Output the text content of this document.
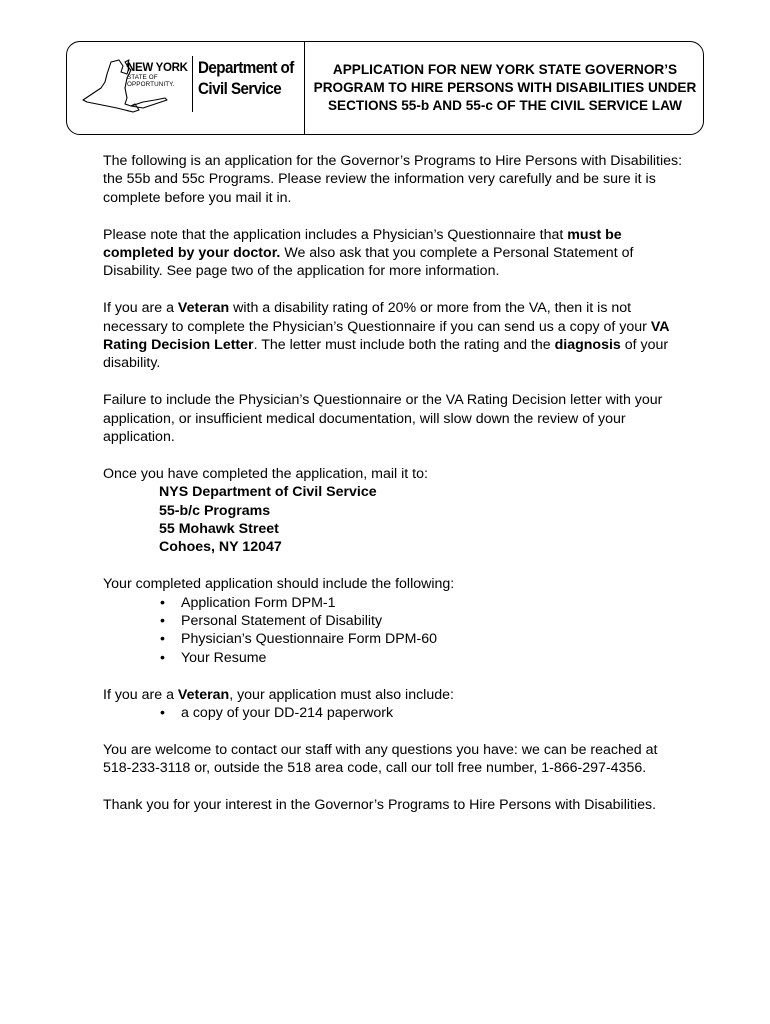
NEW YORK
STATE OF
OPPORTUNITY.
Department of
Civil Service
APPLICATION FOR NEW YORK STATE GOVERNOR’S PROGRAM TO HIRE PERSONS WITH DISABILITIES UNDER SECTIONS 55-b AND 55-c OF THE CIVIL SERVICE LAW

The following is an application for the Governor’s Programs to Hire Persons with Disabilities: the 55b and 55c Programs. Please review the information very carefully and be sure it is complete before you mail it in.

Please note that the application includes a Physician’s Questionnaire that must be completed by your doctor. We also ask that you complete a Personal Statement of Disability. See page two of the application for more information.

If you are a Veteran with a disability rating of 20% or more from the VA, then it is not necessary to complete the Physician’s Questionnaire if you can send us a copy of your VA Rating Decision Letter. The letter must include both the rating and the diagnosis of your disability.

Failure to include the Physician’s Questionnaire or the VA Rating Decision letter with your application, or insufficient medical documentation, will slow down the review of your application.

Once you have completed the application, mail it to:
NYS Department of Civil Service
55-b/c Programs
55 Mohawk Street
Cohoes, NY 12047
Your completed application should include the following:
• Application Form DPM-1
• Personal Statement of Disability
• Physician’s Questionnaire Form DPM-60
• Your Resume
If you are a Veteran, your application must also include:
• a copy of your DD-214 paperwork

You are welcome to contact our staff with any questions you have: we can be reached at 518-233-3118 or, outside the 518 area code, call our toll free number, 1-866-297-4356.

Thank you for your interest in the Governor’s Programs to Hire Persons with Disabilities.
